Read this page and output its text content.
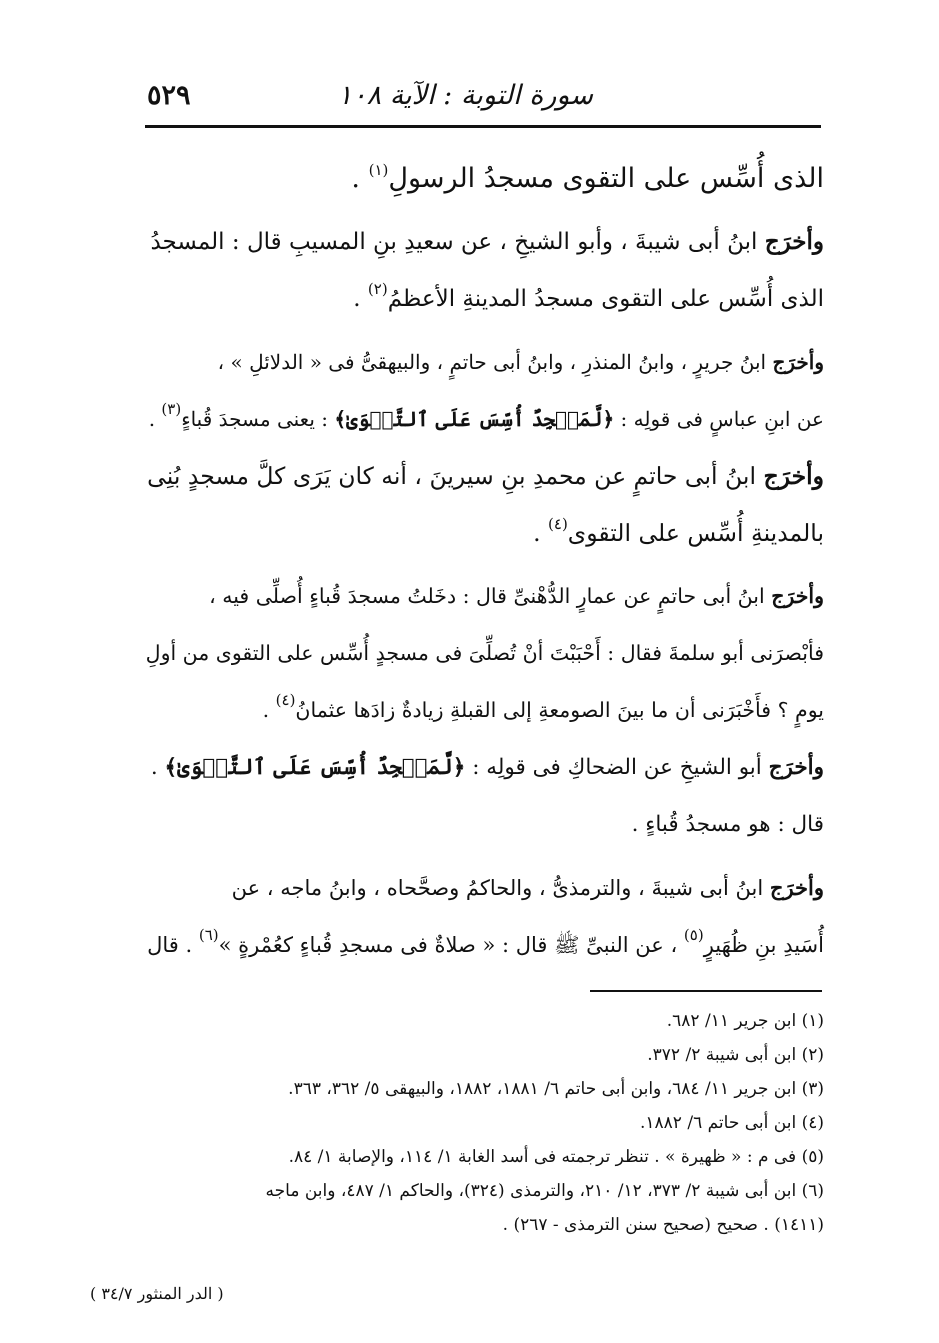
سورة التوبة : الآية ١٠٨
٥٢٩

الذى أُسِّس على التقوى مسجدُ الرسولِ$^{(١)}$ .

وأخرَج ابنُ أبى شيبةَ ، وأبو الشيخِ ، عن سعيدِ بنِ المسيبِ قال : المسجدُ
الذى أُسِّس على التقوى مسجدُ المدينةِ الأعظمُ$^{(٢)}$ .

وأخرَج ابنُ جريرٍ ، وابنُ المنذرِ ، وابنُ أبى حاتمٍ ، والبيهقىُّ فى « الدلائلِ » ،
عن ابنِ عباسٍ فى قولِه : ﴿لَّمَسۡجِدٌ أُسِّسَ عَلَى ٱلتَّقۡوَىٰ﴾ : يعنى مسجدَ قُباءٍ$^{(٣)}$ .

وأخرَج ابنُ أبى حاتمٍ عن محمدِ بنِ سيرينَ ، أنه كان يَرَى كلَّ مسجدٍ بُنِى
بالمدينةِ أُسِّس على التقوى$^{(٤)}$ .

وأخرَج ابنُ أبى حاتمٍ عن عمارٍ الدُّهْنىِّ قال : دخَلتُ مسجدَ قُباءٍ أُصلِّى فيه ،
فأبْصرَنى أبو سلمةَ فقال : أَحْبَبْتَ أنْ تُصلِّىَ فى مسجدٍ أُسِّس على التقوى من أولِ
يومٍ ؟ فأَخْبَرَنى أن ما بينَ الصومعةِ إلى القبلةِ زيادةٌ زادَها عثمانُ$^{(٤)}$ .

وأخرَج أبو الشيخِ عن الضحاكِ فى قولِه : ﴿لَّمَسۡجِدٌ أُسِّسَ عَلَى ٱلتَّقۡوَىٰ﴾ .
قال : هو مسجدُ قُباءٍ .

وأخرَج ابنُ أبى شيبةَ ، والترمذىُّ ، والحاكمُ وصحَّحاه ، وابنُ ماجه ، عن
أُسَيدِ بنِ ظُهَيرٍ$^{(٥)}$ ، عن النبىِّ ﷺ قال : « صلاةٌ فى مسجدِ قُباءٍ كعُمْرةٍ »$^{(٦)}$ . قال

(١) ابن جرير ١١/ ٦٨٢.

(٢) ابن أبى شيبة ٢/ ٣٧٢.

(٣) ابن جرير ١١/ ٦٨٤، وابن أبى حاتم ٦/ ١٨٨١، ١٨٨٢، والبيهقى ٥/ ٣٦٢، ٣٦٣.

(٤) ابن أبى حاتم ٦/ ١٨٨٢.

(٥) فى م : « ظهيرة » . تنظر ترجمته فى أسد الغابة ١/ ١١٤، والإصابة ١/ ٨٤.

(٦) ابن أبى شيبة ٢/ ٣٧٣، ١٢/ ٢١٠، والترمذى (٣٢٤)، والحاكم ١/ ٤٨٧، وابن ماجه

(١٤١١) . صحيح (صحيح سنن الترمذى - ٢٦٧) .

( الدر المنثور ٣٤/٧ )
